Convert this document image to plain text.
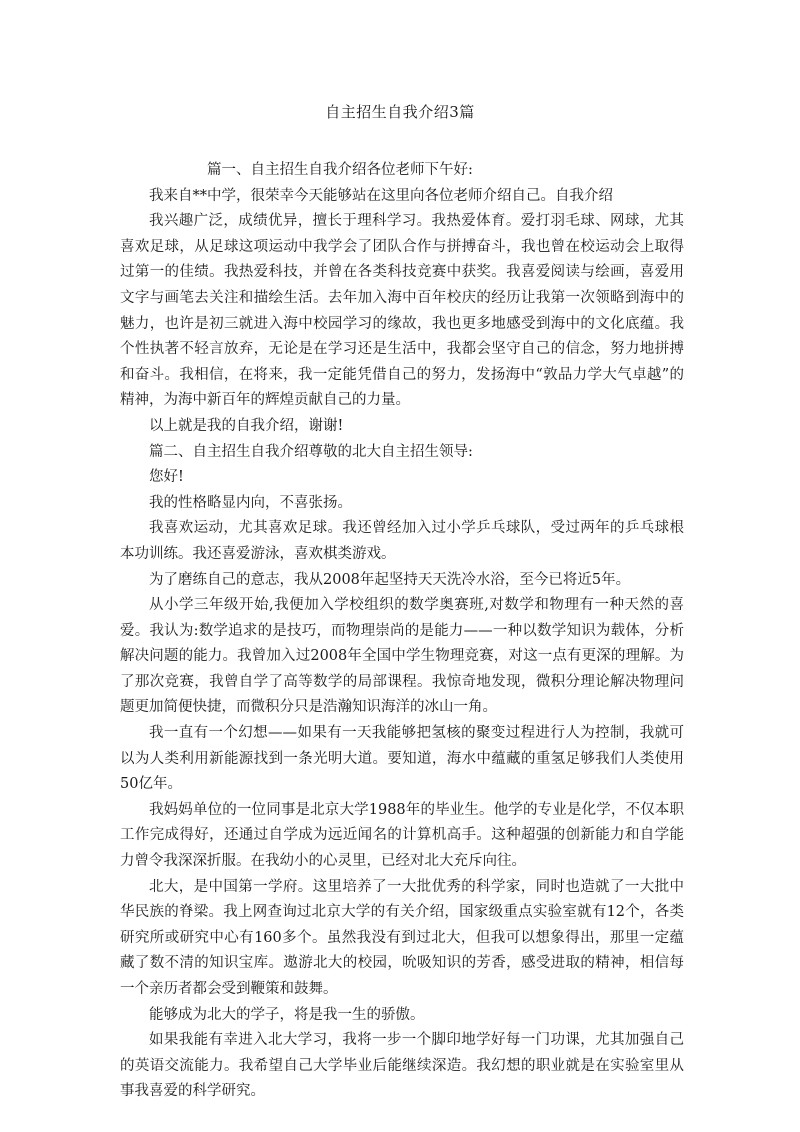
自主招生自我介绍3篇

篇一、自主招生自我介绍各位老师下午好:

我来自**中学，很荣幸今天能够站在这里向各位老师介绍自己。自我介绍

我兴趣广泛，成绩优异，擅长于理科学习。我热爱体育。爱打羽毛球、网球，尤其喜欢足球，从足球这项运动中我学会了团队合作与拼搏奋斗，我也曾在校运动会上取得过第一的佳绩。我热爱科技，并曾在各类科技竞赛中获奖。我喜爱阅读与绘画，喜爱用文字与画笔去关注和描绘生活。去年加入海中百年校庆的经历让我第一次领略到海中的魅力，也许是初三就进入海中校园学习的缘故，我也更多地感受到海中的文化底蕴。我个性执著不轻言放弃，无论是在学习还是生活中，我都会坚守自己的信念，努力地拼搏和奋斗。我相信，在将来，我一定能凭借自己的努力，发扬海中“敦品力学大气卓越”的精神，为海中新百年的辉煌贡献自己的力量。

以上就是我的自我介绍，谢谢!

篇二、自主招生自我介绍尊敬的北大自主招生领导:

您好!

我的性格略显内向，不喜张扬。

我喜欢运动，尤其喜欢足球。我还曾经加入过小学乒乓球队，受过两年的乒乓球根本功训练。我还喜爱游泳，喜欢棋类游戏。

为了磨练自己的意志，我从2008年起坚持天天洗冷水浴，至今已将近5年。

从小学三年级开始,我便加入学校组织的数学奥赛班,对数学和物理有一种天然的喜爱。我认为:数学追求的是技巧，而物理崇尚的是能力——一种以数学知识为载体，分析解决问题的能力。我曾加入过2008年全国中学生物理竞赛，对这一点有更深的理解。为了那次竞赛，我曾自学了高等数学的局部课程。我惊奇地发现，微积分理论解决物理问题更加简便快捷，而微积分只是浩瀚知识海洋的冰山一角。

我一直有一个幻想——如果有一天我能够把氢核的聚变过程进行人为控制，我就可以为人类利用新能源找到一条光明大道。要知道，海水中蕴藏的重氢足够我们人类使用50亿年。

我妈妈单位的一位同事是北京大学1988年的毕业生。他学的专业是化学，不仅本职工作完成得好，还通过自学成为远近闻名的计算机高手。这种超强的创新能力和自学能力曾令我深深折服。在我幼小的心灵里，已经对北大充斥向往。

北大，是中国第一学府。这里培养了一大批优秀的科学家，同时也造就了一大批中华民族的脊梁。我上网查询过北京大学的有关介绍，国家级重点实验室就有12个，各类研究所或研究中心有160多个。虽然我没有到过北大，但我可以想象得出，那里一定蕴藏了数不清的知识宝库。遨游北大的校园，吮吸知识的芳香，感受进取的精神，相信每一个亲历者都会受到鞭策和鼓舞。

能够成为北大的学子，将是我一生的骄傲。

如果我能有幸进入北大学习，我将一步一个脚印地学好每一门功课，尤其加强自己的英语交流能力。我希望自己大学毕业后能继续深造。我幻想的职业就是在实验室里从事我喜爱的科学研究。
